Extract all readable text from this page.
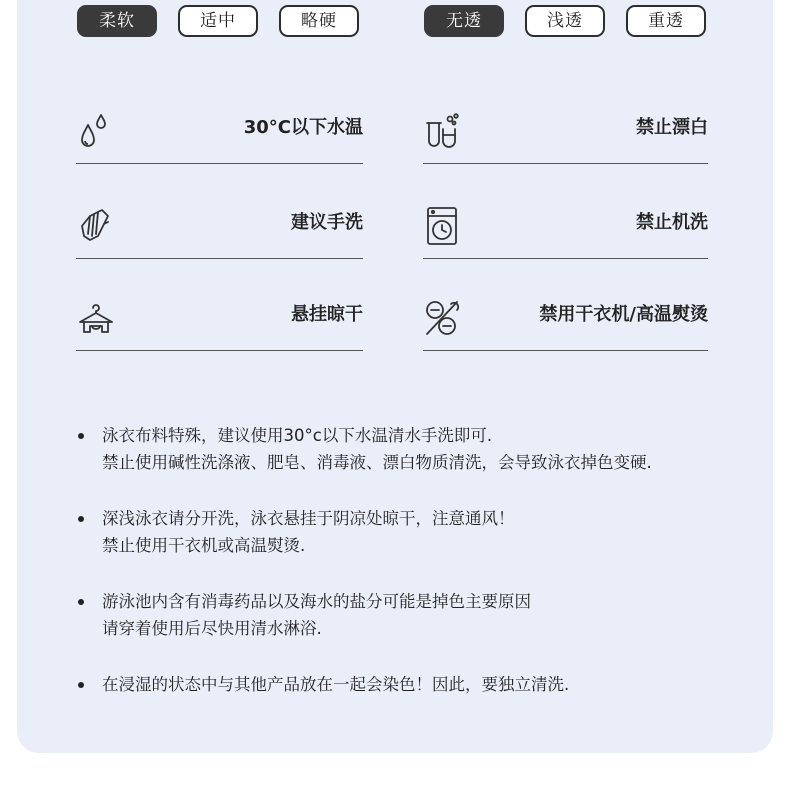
柔软	适中	略硬	无透	浅透	重透
30°C以下水温
建议手洗
悬挂晾干
禁止漂白
禁止机洗
禁用干衣机/高温熨烫
泳衣布料特殊，建议使用30°c以下水温清水手洗即可.
禁止使用碱性洗涤液、肥皂、消毒液、漂白物质清洗，会导致泳衣掉色变硬.
深浅泳衣请分开洗，泳衣悬挂于阴凉处晾干，注意通风！
禁止使用干衣机或高温熨烫.
游泳池内含有消毒药品以及海水的盐分可能是掉色主要原因
请穿着使用后尽快用清水淋浴.
在浸湿的状态中与其他产品放在一起会染色！因此，要独立清洗.
